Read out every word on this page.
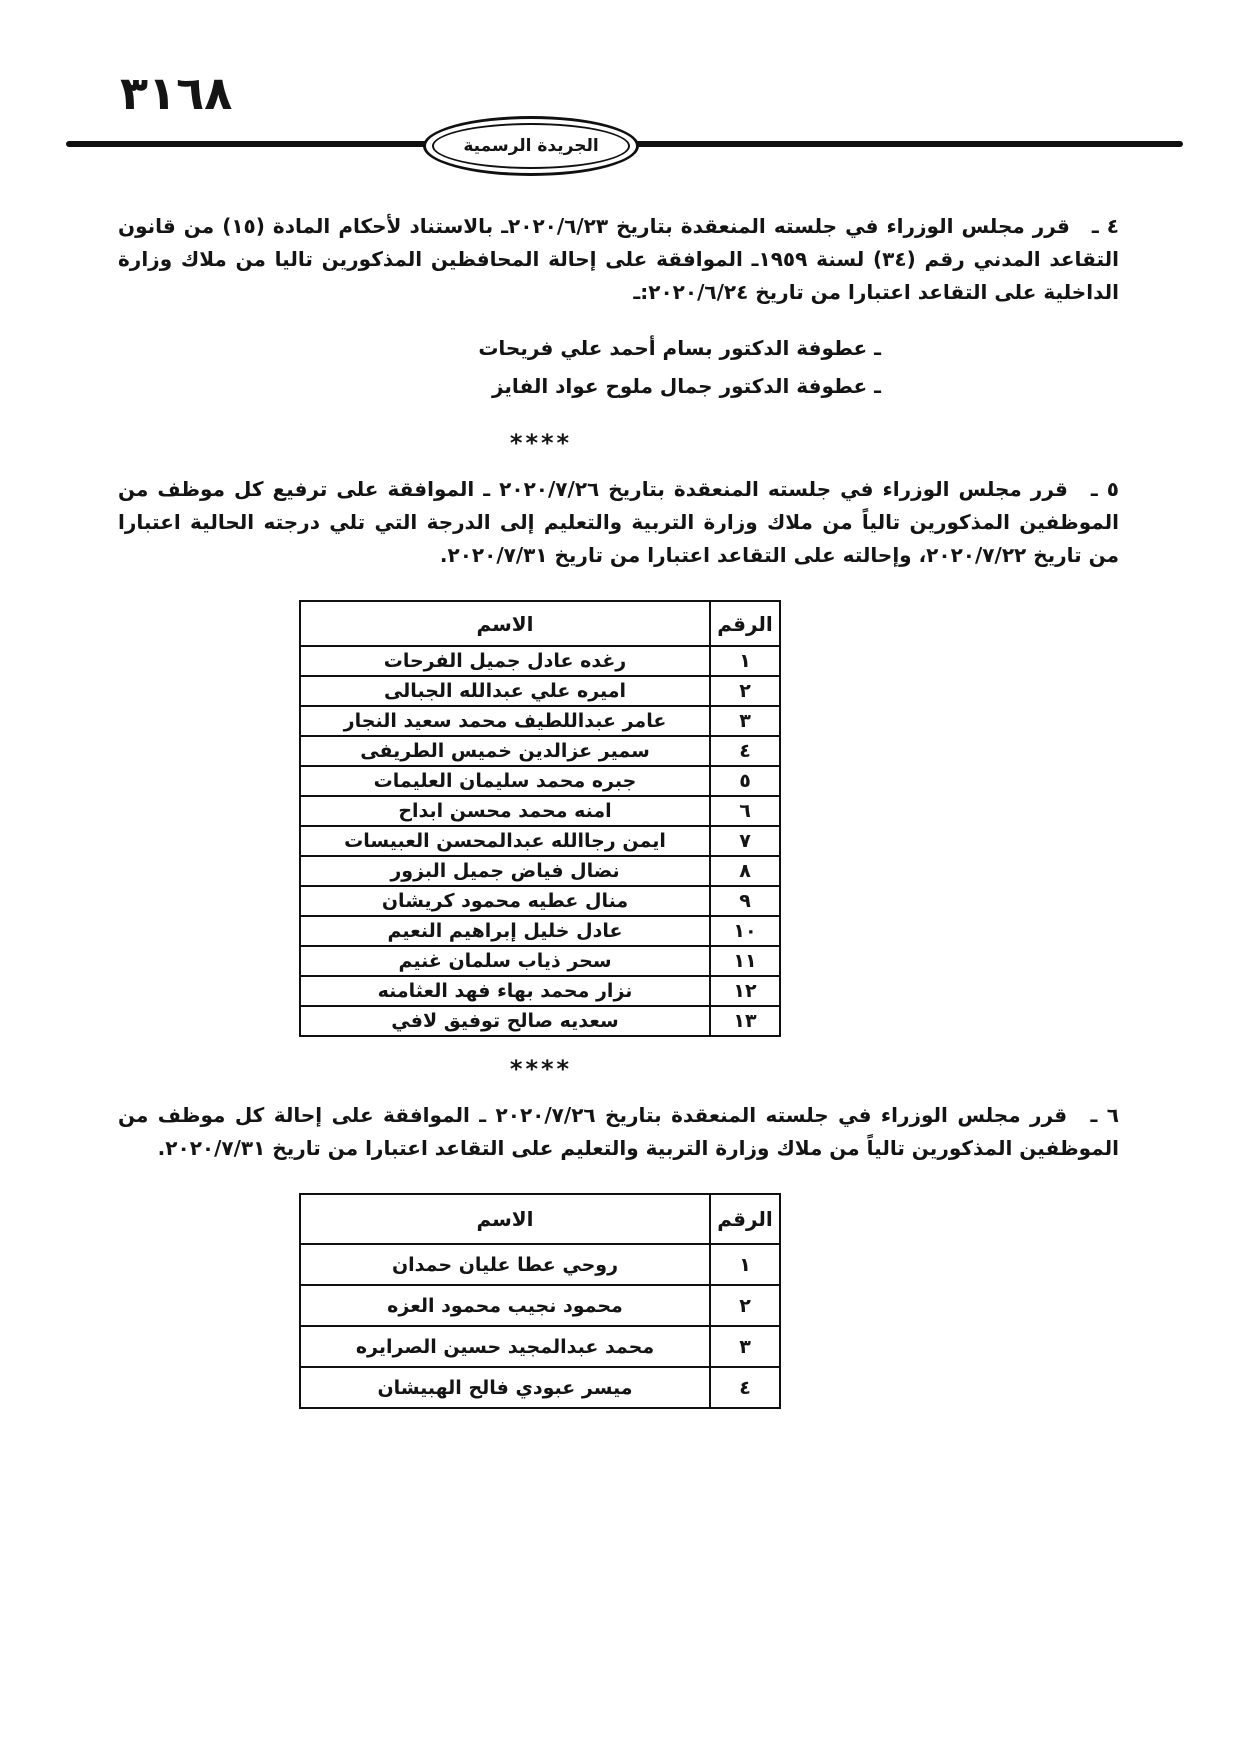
٣١٦٨
الجريدة الرسمية

٤ ـ قرر مجلس الوزراء في جلسته المنعقدة بتاريخ ٢٠٢٠/٦/٢٣ـ بالاستناد لأحكام المادة (١٥) من قانون التقاعد المدني رقم (٣٤) لسنة ١٩٥٩ـ الموافقة على إحالة المحافظين المذكورين تاليا من ملاك وزارة الداخلية على التقاعد اعتبارا من تاريخ ٢٠٢٠/٦/٢٤:ـ

ـ عطوفة الدكتور بسام أحمد علي فريحات
ـ عطوفة الدكتور جمال ملوح عواد الفايز
****

٥ ـ قرر مجلس الوزراء في جلسته المنعقدة بتاريخ ٢٠٢٠/٧/٢٦ ـ الموافقة على ترفيع كل موظف من الموظفين المذكورين تالياً من ملاك وزارة التربية والتعليم إلى الدرجة التي تلي درجته الحالية اعتبارا من تاريخ ٢٠٢٠/٧/٢٢، وإحالته على التقاعد اعتبارا من تاريخ ٢٠٢٠/٧/٣١.

الرقم	الاسم
١	رغده عادل جميل الفرحات
٢	اميره علي عبدالله الجبالى
٣	عامر عبداللطيف محمد سعيد النجار
٤	سمير عزالدين خميس الطريفى
٥	جبره محمد سليمان العليمات
٦	امنه محمد محسن ابداح
٧	ايمن رجاالله عبدالمحسن العبيسات
٨	نضال فياض جميل البزور
٩	منال عطيه محمود كريشان
١٠	عادل خليل إبراهيم النعيم
١١	سحر ذياب سلمان غنيم
١٢	نزار محمد بهاء فهد العثامنه
١٣	سعديه صالح توفيق لافي
****

٦ ـ قرر مجلس الوزراء في جلسته المنعقدة بتاريخ ٢٠٢٠/٧/٢٦ ـ الموافقة على إحالة كل موظف من الموظفين المذكورين تالياً من ملاك وزارة التربية والتعليم على التقاعد اعتبارا من تاريخ ٢٠٢٠/٧/٣١.

الرقم	الاسم
١	روحي عطا عليان حمدان
٢	محمود نجيب محمود العزه
٣	محمد عبدالمجيد حسين الصرايره
٤	ميسر عبودي فالح الهبيشان
